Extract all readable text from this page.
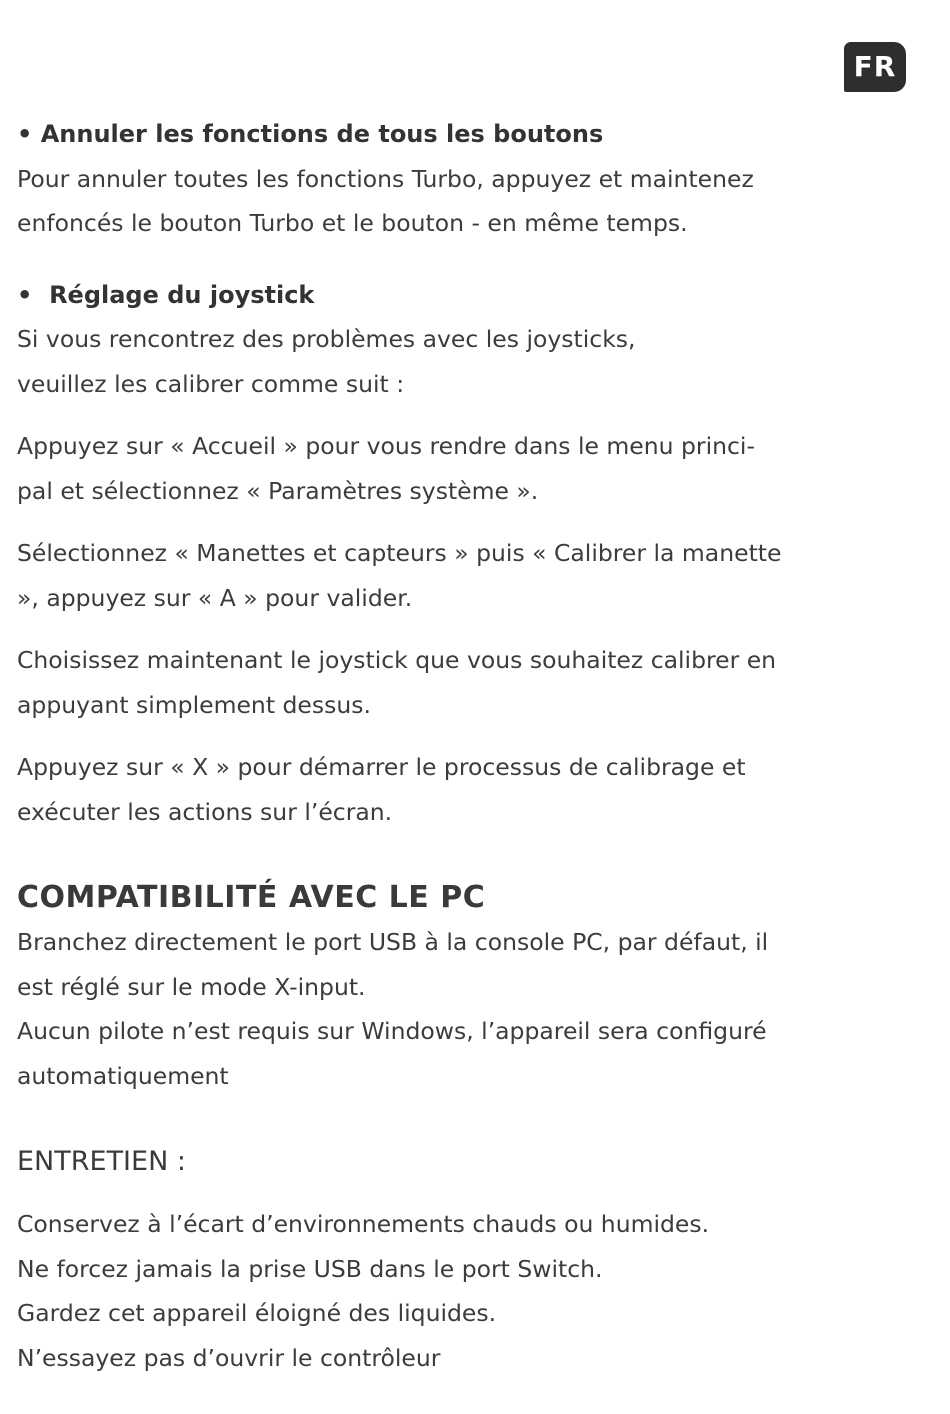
FR

• Annuler les fonctions de tous les boutons

Pour annuler toutes les fonctions Turbo, appuyez et maintenez

enfoncés le bouton Turbo et le bouton - en même temps.

• Réglage du joystick

Si vous rencontrez des problèmes avec les joysticks,

veuillez les calibrer comme suit :

Appuyez sur « Accueil » pour vous rendre dans le menu princi-

pal et sélectionnez « Paramètres système ».

Sélectionnez « Manettes et capteurs » puis « Calibrer la manette

», appuyez sur « A » pour valider.

Choisissez maintenant le joystick que vous souhaitez calibrer en

appuyant simplement dessus.

Appuyez sur « X » pour démarrer le processus de calibrage et

exécuter les actions sur l’écran.

COMPATIBILITÉ AVEC LE PC

Branchez directement le port USB à la console PC, par défaut, il

est réglé sur le mode X-input.

Aucun pilote n’est requis sur Windows, l’appareil sera configuré

automatiquement

ENTRETIEN :

Conservez à l’écart d’environnements chauds ou humides.

Ne forcez jamais la prise USB dans le port Switch.

Gardez cet appareil éloigné des liquides.

N’essayez pas d’ouvrir le contrôleur
